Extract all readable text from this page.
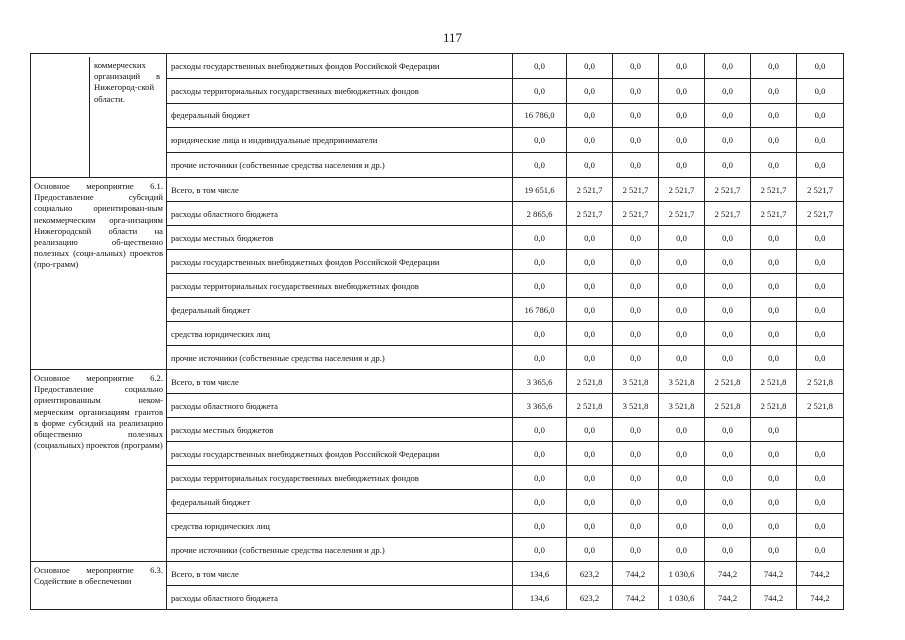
117
коммерческих организаций в Нижегород-ской области.	расходы государственных внебюджетных фондов Российской Федерации	0,0	0,0	0,0	0,0	0,0	0,0	0,0
	расходы территориальных государственных внебюджетных фондов	0,0	0,0	0,0	0,0	0,0	0,0	0,0
	федеральный бюджет	16 786,0	0,0	0,0	0,0	0,0	0,0	0,0
	юридические лица и индивидуальные предприниматели	0,0	0,0	0,0	0,0	0,0	0,0	0,0
	прочие источники (собственные средства населения и др.)	0,0	0,0	0,0	0,0	0,0	0,0	0,0
Основное мероприятие 6.1. Предоставление субсидий социально ориентирован-ным некоммерческим орга-низациям Нижегородской области на реализацию об-щественно полезных (соци-альных) проектов (про-грамм)	Всего, в том числе	19 651,6	2 521,7	2 521,7	2 521,7	2 521,7	2 521,7	2 521,7
	расходы областного бюджета	2 865,6	2 521,7	2 521,7	2 521,7	2 521,7	2 521,7	2 521,7
	расходы местных бюджетов	0,0	0,0	0,0	0,0	0,0	0,0	0,0
	расходы государственных внебюджетных фондов Российской Федерации	0,0	0,0	0,0	0,0	0,0	0,0	0,0
	расходы территориальных государственных внебюджетных фондов	0,0	0,0	0,0	0,0	0,0	0,0	0,0
	федеральный бюджет	16 786,0	0,0	0,0	0,0	0,0	0,0	0,0
	средства юридических лиц	0,0	0,0	0,0	0,0	0,0	0,0	0,0
	прочие источники (собственные средства населения и др.)	0,0	0,0	0,0	0,0	0,0	0,0	0,0
Основное мероприятие 6.2. Предоставление социально ориентированным неком-мерческим организациям грантов в форме субсидий на реализацию общественно полезных (социальных) проектов (программ)	Всего, в том числе	3 365,6	2 521,8	3 521,8	3 521,8	2 521,8	2 521,8	2 521,8
	расходы областного бюджета	3 365,6	2 521,8	3 521,8	3 521,8	2 521,8	2 521,8	2 521,8
	расходы местных бюджетов	0,0	0,0	0,0	0,0	0,0	0,0	
	расходы государственных внебюджетных фондов Российской Федерации	0,0	0,0	0,0	0,0	0,0	0,0	0,0
	расходы территориальных государственных внебюджетных фондов	0,0	0,0	0,0	0,0	0,0	0,0	0,0
	федеральный бюджет	0,0	0,0	0,0	0,0	0,0	0,0	0,0
	средства юридических лиц	0,0	0,0	0,0	0,0	0,0	0,0	0,0
	прочие источники (собственные средства населения и др.)	0,0	0,0	0,0	0,0	0,0	0,0	0,0
Основное мероприятие 6.3. Содействие в обеспечении	Всего, в том числе	134,6	623,2	744,2	1 030,6	744,2	744,2	744,2
	расходы областного бюджета	134,6	623,2	744,2	1 030,6	744,2	744,2	744,2
